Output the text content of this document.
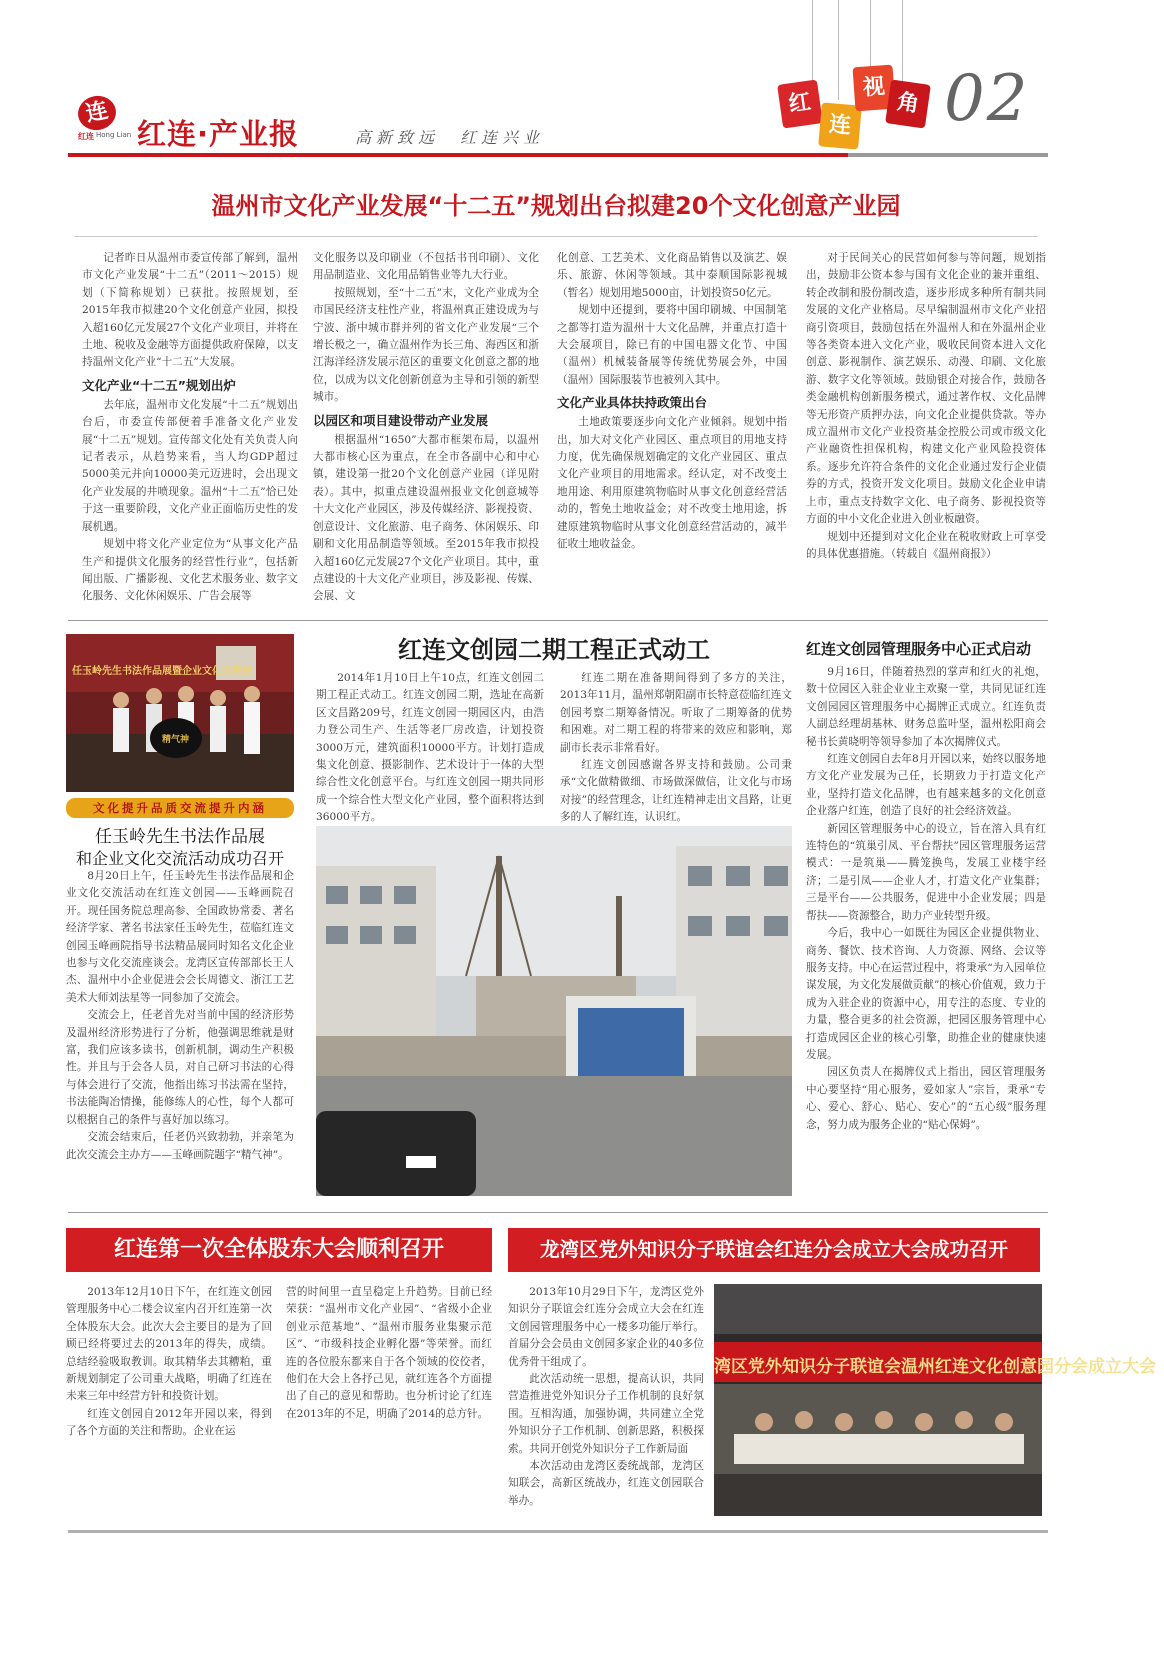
连
红连 Hong Lian 红连·产业报	高新致远　红连兴业
红
连
视
角 02
温州市文化产业发展“十二五”规划出台拟建20个文化创意产业园

记者昨日从温州市委宣传部了解到，温州市文化产业发展“十二五”（2011～2015）规划（下简称规划）已获批。按照规划，至2015年我市拟建20个文化创意产业园，拟投入超160亿元发展27个文化产业项目，并将在土地、税收及金融等方面提供政府保障，以支持温州文化产业“十二五”大发展。

文化产业“十二五”规划出炉

去年底，温州市文化发展“十二五”规划出台后，市委宣传部便着手准备文化产业发展“十二五”规划。宣传部文化处有关负责人向记者表示，从趋势来看，当人均GDP超过5000美元并向10000美元迈进时，会出现文化产业发展的井喷现象。温州“十二五”恰已处于这一重要阶段，文化产业正面临历史性的发展机遇。

规划中将文化产业定位为“从事文化产品生产和提供文化服务的经营性行业”，包括新闻出版、广播影视、文化艺术服务业、数字文化服务、文化休闲娱乐、广告会展等

文化服务以及印刷业（不包括书刊印刷）、文化用品制造业、文化用品销售业等九大行业。

按照规划，至“十二五”末，文化产业成为全市国民经济支柱性产业，将温州真正建设成为与宁波、浙中城市群并列的省文化产业发展“三个增长极之一，确立温州作为长三角、海西区和浙江海洋经济发展示范区的重要文化创意之都的地位，以成为以文化创新创意为主导和引领的新型城市。

以园区和项目建设带动产业发展

根据温州“1650”大都市框架布局，以温州大都市核心区为重点，在全市各副中心和中心镇，建设第一批20个文化创意产业园（详见附表）。其中，拟重点建设温州报业文化创意城等十大文化产业园区，涉及传媒经济、影视投资、创意设计、文化旅游、电子商务、休闲娱乐、印刷和文化用品制造等领域。至2015年我市拟投入超160亿元发展27个文化产业项目。其中，重点建设的十大文化产业项目，涉及影视、传媒、会展、文

化创意、工艺美术、文化商品销售以及演艺、娱乐、旅游、休闲等领域。其中泰顺国际影视城（暂名）规划用地5000亩，计划投资50亿元。

规划中还提到，要将中国印刷城、中国制笔之都等打造为温州十大文化品牌，并重点打造十大会展项目，除已有的中国电器文化节、中国（温州）机械装备展等传统优势展会外，中国（温州）国际服装节也被列入其中。

文化产业具体扶持政策出台

土地政策要逐步向文化产业倾斜。规划中指出，加大对文化产业园区、重点项目的用地支持力度，优先确保规划确定的文化产业园区、重点文化产业项目的用地需求。经认定，对不改变土地用途、利用原建筑物临时从事文化创意经营活动的，暂免土地收益金；对不改变土地用途，拆建原建筑物临时从事文化创意经营活动的，减半征收土地收益金。

对于民间关心的民营如何参与等问题，规划指出，鼓励非公资本参与国有文化企业的兼并重组、转企改制和股份制改造，逐步形成多种所有制共同发展的文化产业格局。尽早编制温州市文化产业招商引资项目，鼓励包括在外温州人和在外温州企业等各类资本进入文化产业，吸收民间资本进入文化创意、影视制作、演艺娱乐、动漫、印刷、文化旅游、数字文化等领域。鼓励银企对接合作，鼓励各类金融机构创新服务模式，通过著作权、文化品牌等无形资产质押办法，向文化企业提供贷款。等办成立温州市文化产业投资基金控股公司或市级文化产业融资性担保机构，构建文化产业风险投资体系。逐步允许符合条件的文化企业通过发行企业债券的方式，投资开发文化项目。鼓励文化企业申请上市，重点支持数字文化、电子商务、影视投资等方面的中小文化企业进入创业板融资。

规划中还提到对文化企业在税收财政上可享受的具体优惠措施。（转载自《温州商报》）

任玉岭先生书法作品展暨企业文化交流会
精气神
文化提升品质交流提升内涵
任玉岭先生书法作品展
和企业文化交流活动成功召开

8月20日上午，任玉岭先生书法作品展和企业文化交流活动在红连文创园——玉峰画院召开。现任国务院总理高参、全国政协常委、著名经济学家、著名书法家任玉岭先生，莅临红连文创园玉峰画院指导书法精品展同时知名文化企业也参与文化交流座谈会。龙湾区宣传部部长王人杰、温州中小企业促进会会长周德文、浙江工艺美术大师刘法星等一同参加了交流会。

交流会上，任老首先对当前中国的经济形势及温州经济形势进行了分析，他强调思维就是财富，我们应该多读书，创新机制，调动生产积极性。并且与于会各人员，对自己研习书法的心得与体会进行了交流，他指出练习书法需在坚持，书法能陶冶情操，能修练人的心性，每个人都可以根据自己的条件与喜好加以练习。

交流会结束后，任老仍兴致勃勃，并亲笔为此次交流会主办方——玉峰画院题字“精气神”。

红连文创园二期工程正式动工

2014年1月10日上午10点，红连文创园二期工程正式动工。红连文创园二期，选址在高新区文昌路209号，红连文创园一期园区内，由浩力登公司生产、生活等老厂房改造，计划投资3000万元，建筑面积10000平方。计划打造成集文化创意、摄影制作、艺术设计于一体的大型综合性文化创意平台。与红连文创园一期共同形成一个综合性大型文化产业园，整个面积将达到36000平方。

红连二期在准备期间得到了多方的关注，2013年11月，温州郑朝阳副市长特意莅临红连文创园考察二期筹备情况。听取了二期筹备的优势和困难。对二期工程的将带来的效应和影响，郑副市长表示非常看好。

红连文创园感谢各界支持和鼓励。公司秉承“文化做精做细、市场做深做信，让文化与市场对接”的经营理念，让红连精神走出文昌路，让更多的人了解红连，认识红。

红连文创园管理服务中心正式启动

9月16日，伴随着热烈的掌声和红火的礼炮，数十位园区入驻企业业主欢聚一堂，共同见证红连文创园园区管理服务中心揭牌正式成立。红连负责人副总经理胡基林、财务总监叶坚，温州松阳商会秘书长黄晓明等领导参加了本次揭牌仪式。

红连文创园自去年8月开园以来，始终以服务地方文化产业发展为己任，长期致力于打造文化产业，坚持打造文化品牌，也有越来越多的文化创意企业落户红连，创造了良好的社会经济效益。

新园区管理服务中心的设立，旨在溶入具有红连特色的“筑巢引凤、平台帮扶”园区管理服务运营模式：一是筑巢——腾笼换鸟，发展工业楼宇经济；二是引凤——企业人才，打造文化产业集群；三是平台——公共服务，促进中小企业发展；四是帮扶——资源整合，助力产业转型升级。

今后，我中心一如既往为园区企业提供物业、商务、餐饮、技术咨询、人力资源、网络、会议等服务支持。中心在运营过程中，将秉承“为入园单位谋发展，为文化发展做贡献”的核心价值观，致力于成为入驻企业的资源中心，用专注的态度、专业的力量，整合更多的社会资源，把园区服务管理中心打造成园区企业的核心引擎，助推企业的健康快速发展。

园区负责人在揭牌仪式上指出，园区管理服务中心要坚持“用心服务，爱如家人”宗旨，秉承“专心、爱心、舒心、贴心、安心”的“五心级”服务理念，努力成为服务企业的“贴心保姆”。

红连第一次全体股东大会顺利召开

2013年12月10日下午，在红连文创园管理服务中心二楼会议室内召开红连第一次全体股东大会。此次大会主要目的是为了回顾已经将要过去的2013年的得失，成绩。总结经验吸取教训。取其精华去其糟粕，重新规划制定了公司重大战略，明确了红连在未来三年中经营方针和投资计划。

红连文创园自2012年开园以来，得到了各个方面的关注和帮助。企业在运

营的时间里一直呈稳定上升趋势。目前已经荣获：“温州市文化产业园”、“省级小企业创业示范基地”、“温州市服务业集聚示范区”、“市级科技企业孵化器”等荣誉。而红连的各位股东都来自于各个领域的佼佼者，他们在大会上各抒己见，就红连各个方面提出了自己的意见和帮助。也分析讨论了红连在2013年的不足，明确了2014的总方针。

龙湾区党外知识分子联谊会红连分会成立大会成功召开

2013年10月29日下午，龙湾区党外知识分子联谊会红连分会成立大会在红连文创园管理服务中心一楼多功能厅举行。首届分会会员由文创园多家企业的40多位优秀骨干组成了。

此次活动统一思想，提高认识，共同营造推进党外知识分子工作机制的良好氛围。互相沟通，加强协调，共同建立全党外知识分子工作机制、创新思路，积极探索。共同开创党外知识分子工作新局面

本次活动由龙湾区委统战部，龙湾区知联会，高新区统战办，红连文创园联合举办。

湾区党外知识分子联谊会温州红连文化创意园分会成立大会
